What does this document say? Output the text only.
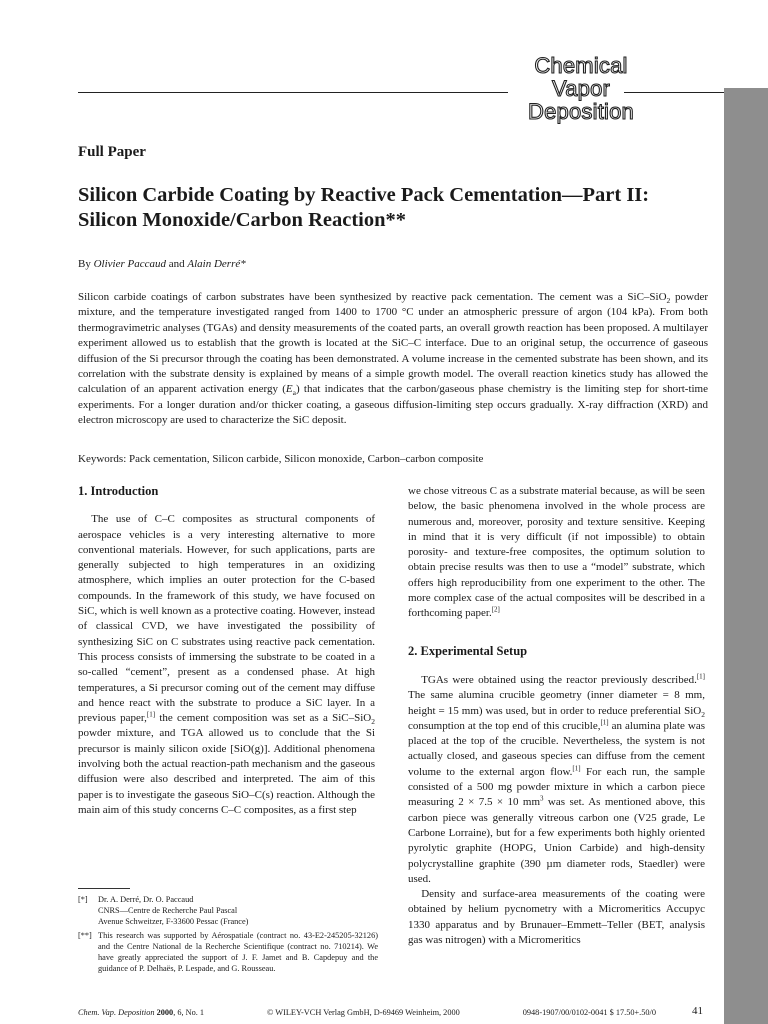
Chemical
Vapor
Deposition
Full Paper
Silicon Carbide Coating by Reactive Pack Cementation—Part II:
Silicon Monoxide/Carbon Reaction**
By Olivier Paccaud and Alain Derré*
Silicon carbide coatings of carbon substrates have been synthesized by reactive pack cementation. The cement was a SiC–SiO$_2$ powder mixture, and the temperature investigated ranged from 1400 to 1700 °C under an atmospheric pressure of argon (104 kPa). From both thermogravimetric analyses (TGAs) and density measurements of the coated parts, an overall growth reaction has been proposed. A multilayer experiment allowed us to establish that the growth is located at the SiC–C interface. Due to an original setup, the occurrence of gaseous diffusion of the Si precursor through the coating has been demonstrated. A volume increase in the cemented substrate has been shown, and its correlation with the substrate density is explained by means of a simple growth model. The overall reaction kinetics study has allowed the calculation of an apparent activation energy $(E_a)$ that indicates that the carbon/gaseous phase chemistry is the limiting step for short-time experiments. For a longer duration and/or thicker coating, a gaseous diffusion-limiting step occurs gradually. X-ray diffraction (XRD) and electron microscopy are used to characterize the SiC deposit.
Keywords: Pack cementation, Silicon carbide, Silicon monoxide, Carbon–carbon composite
1. Introduction

The use of C–C composites as structural components of aerospace vehicles is a very interesting alternative to more conventional materials. However, for such applications, parts are generally subjected to high temperatures in an oxidizing atmosphere, which implies an outer protection for the C-based compounds. In the framework of this study, we have focused on SiC, which is well known as a protective coating. However, instead of classical CVD, we have investigated the possibility of synthesizing SiC on C substrates using reactive pack cementation. This process consists of immersing the substrate to be coated in a so-called “cement”, present as a condensed phase. At high temperatures, a Si precursor coming out of the cement may diffuse and hence react with the substrate to produce a SiC layer. In a previous paper,[1] the cement composition was set as a SiC–SiO$_2$ powder mixture, and TGA allowed us to conclude that the Si precursor is mainly silicon oxide [SiO(g)]. Additional phenomena involving both the actual reaction-path mechanism and the gaseous diffusion were also described and interpreted. The aim of this paper is to investigate the gaseous SiO–C(s) reaction. Although the main aim of this study concerns C–C composites, as a first step

we chose vitreous C as a substrate material because, as will be seen below, the basic phenomena involved in the whole process are numerous and, moreover, porosity and texture sensitive. Keeping in mind that it is very difficult (if not impossible) to obtain porosity- and texture-free composites, the optimum solution to obtain precise results was then to use a “model” substrate, which offers high reproducibility from one experiment to the other. The more complex case of the actual composites will be described in a forthcoming paper.[2]

2. Experimental Setup

TGAs were obtained using the reactor previously described.[1] The same alumina crucible geometry (inner diameter = 8 mm, height = 15 mm) was used, but in order to reduce preferential SiO$_2$ consumption at the top end of this crucible,[1] an alumina plate was placed at the top of the crucible. Nevertheless, the system is not actually closed, and gaseous species can diffuse from the cement volume to the external argon flow.[1] For each run, the sample consisted of a 500 mg powder mixture in which a carbon piece measuring 2 × 7.5 × 10 $mm^3$ was set. As mentioned above, this carbon piece was generally vitreous carbon one (V25 grade, Le Carbone Lorraine), but for a few experiments both highly oriented pyrolytic graphite (HOPG, Union Carbide) and high-density polycrystalline graphite (390 µm diameter rods, Staedler) were used.

Density and surface-area measurements of the coating were obtained by helium pycnometry with a Micromeritics Accupyc 1330 apparatus and by Brunauer–Emmett–Teller (BET, analysis gas was nitrogen) with a Micromeritics

[*]	Dr. A. Derré, Dr. O. Paccaud
CNRS—Centre de Recherche Paul Pascal
Avenue Schweitzer, F-33600 Pessac (France)
[**] This research was supported by Aérospatiale (contract no. 43-E2-245205-32126) and the Centre National de la Recherche Scientifique (contract no. 710214). We have greatly appreciated the support of J. F. Jamet and B. Capdepuy and the guidance of P. Delhaës, P. Lespade, and G. Rousseau.
Chem. Vap. Deposition 2000, 6, No. 1	© WILEY-VCH Verlag GmbH, D-69469 Weinheim, 2000	0948-1907/00/0102-0041 $ 17.50+.50/0	41
